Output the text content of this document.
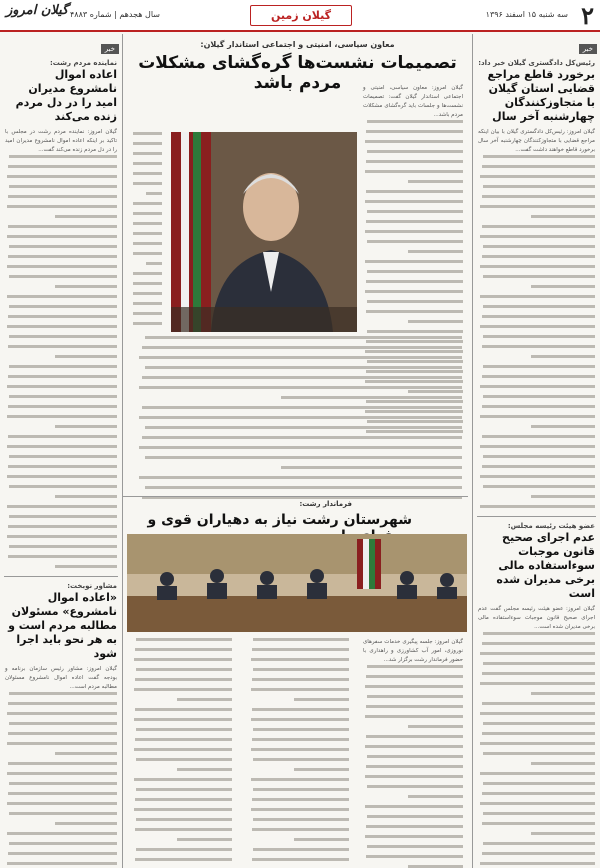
۲
سه شنبه ۱۵ اسفند ۱۳۹۶
گیلان زمین
سال هجدهم | شماره ۴۸۸۳
گیلان امروز
خبر
رئیس‌کل دادگستری گیلان خبر داد:
برخورد قاطع مراجع قضایی استان گیلان با متجاوزکنندگان چهارشنبه آخر سال
گیلان امروز: رئیس‌کل دادگستری گیلان با بیان اینکه مراجع قضایی با متجاوزکنندگان چهارشنبه آخر سال برخورد قاطع خواهند داشت گفت...
عضو هیئت رئیسه مجلس:
عدم اجرای صحیح قانون موجبات سوءاستفاده مالی برخی مدیران شده است
گیلان امروز: عضو هیئت رئیسه مجلس گفت عدم اجرای صحیح قانون موجبات سوءاستفاده مالی برخی مدیران شده است...
خبر
نماینده مردم رشت:
اعاده اموال نامشروع مدیران امید را در دل مردم زنده می‌کند
گیلان امروز: نماینده مردم رشت در مجلس با تاکید بر اینکه اعاده اموال نامشروع مدیران امید را در دل مردم زنده می‌کند گفت...
مشاور نوبخت:
«اعاده اموال نامشروع» مسئولان مطالبه مردم است و به هر نحو باید اجرا شود
گیلان امروز: مشاور رئیس سازمان برنامه و بودجه گفت اعاده اموال نامشروع مسئولان مطالبه مردم است...
معاون سیاسی، امنیتی و اجتماعی استاندار گیلان:
تصمیمات نشست‌ها گره‌گشای مشکلات مردم باشد	گیلان امروز: معاون سیاسی، امنیتی و اجتماعی استاندار گیلان گفت: تصمیمات نشست‌ها و جلسات باید گره‌گشای مشکلات مردم باشد...
فرماندار رشت:
شهرستان رشت نیاز به دهیاران قوی و
گیلان امروز: جلسه پیگیری خدمات سفرهای نوروزی، امور آب کشاورزی و راهداری با حضور فرماندار رشت برگزار شد...
